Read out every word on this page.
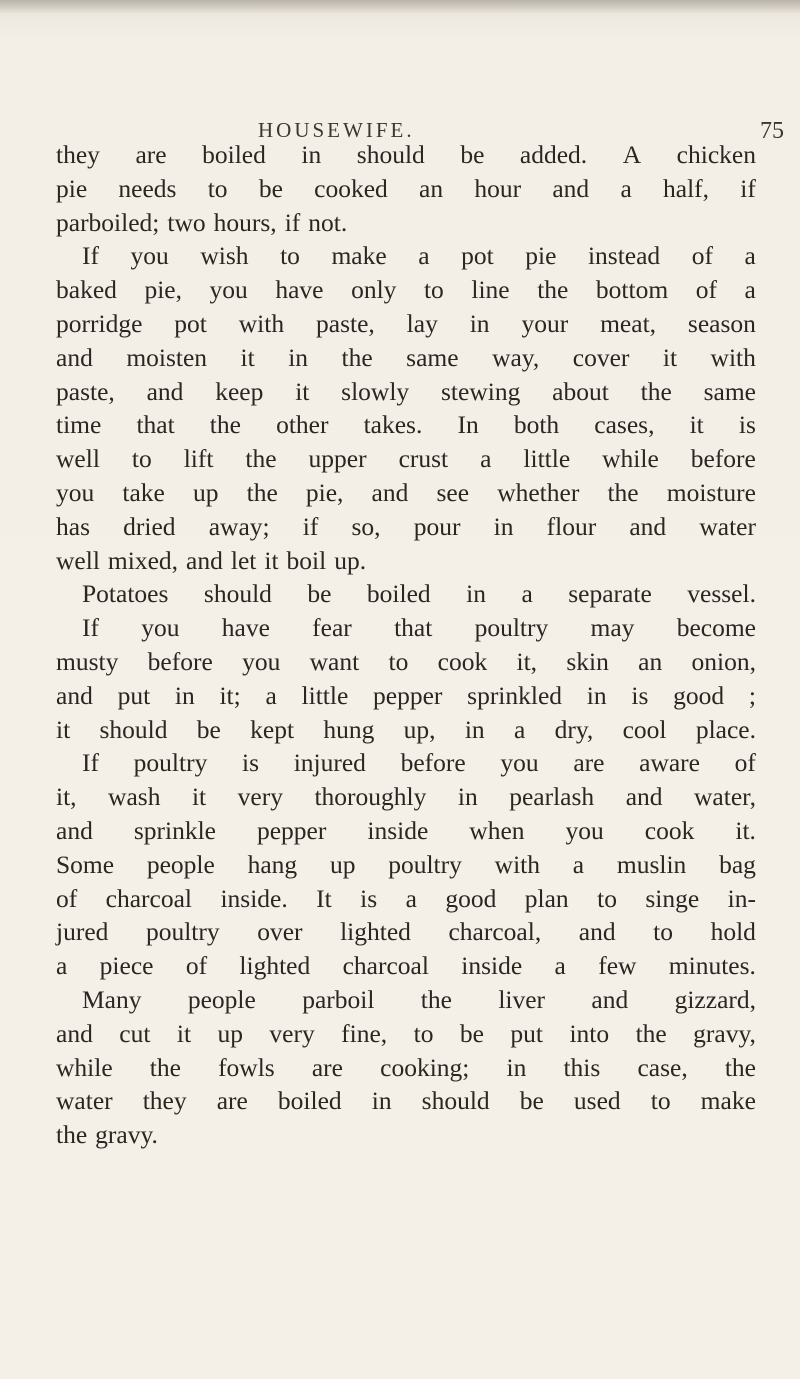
HOUSEWIFE.	75
they are boiled in should be added. A chicken
pie needs to be cooked an hour and a half, if
parboiled; two hours, if not.
If you wish to make a pot pie instead of a
baked pie, you have only to line the bottom of a
porridge pot with paste, lay in your meat, season
and moisten it in the same way, cover it with
paste, and keep it slowly stewing about the same
time that the other takes. In both cases, it is
well to lift the upper crust a little while before
you take up the pie, and see whether the moisture
has dried away; if so, pour in flour and water
well mixed, and let it boil up.
Potatoes should be boiled in a separate vessel.
If you have fear that poultry may become
musty before you want to cook it, skin an onion,
and put in it; a little pepper sprinkled in is good ;
it should be kept hung up, in a dry, cool place.
If poultry is injured before you are aware of
it, wash it very thoroughly in pearlash and water,
and sprinkle pepper inside when you cook it.
Some people hang up poultry with a muslin bag
of charcoal inside. It is a good plan to singe in-
jured poultry over lighted charcoal, and to hold
a piece of lighted charcoal inside a few minutes.
Many people parboil the liver and gizzard,
and cut it up very fine, to be put into the gravy,
while the fowls are cooking; in this case, the
water they are boiled in should be used to make
the gravy.
